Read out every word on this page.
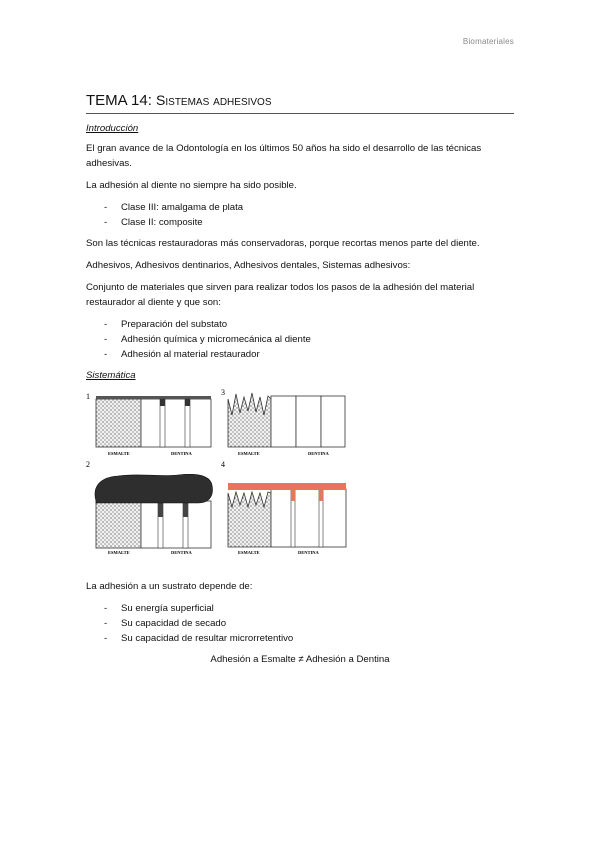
Biomateriales
TEMA 14: Sistemas adhesivos
Introducción

El gran avance de la Odontología en los últimos 50 años ha sido el desarrollo de las técnicas adhesivas.

La adhesión al diente no siempre ha sido posible.

- Clase III: amalgama de plata
- Clase II: composite

Son las técnicas restauradoras más conservadoras, porque recortas menos parte del diente.

Adhesivos, Adhesivos dentinarios, Adhesivos dentales, Sistemas adhesivos:

Conjunto de materiales que sirven para realizar todos los pasos de la adhesión del material restaurador al diente y que son:

- Preparación del substato
- Adhesión química y micromecánica al diente
- Adhesión al material restaurador
Sistemática
1
ESMALTE	DENTINA
3
ESMALTE	DENTINA
2
ESMALTE	DENTINA
4
ESMALTE	DENTINA

La adhesión a un sustrato depende de:

- Su energía superficial
- Su capacidad de secado
- Su capacidad de resultar microrretentivo

Adhesión a Esmalte ≠ Adhesión a Dentina
